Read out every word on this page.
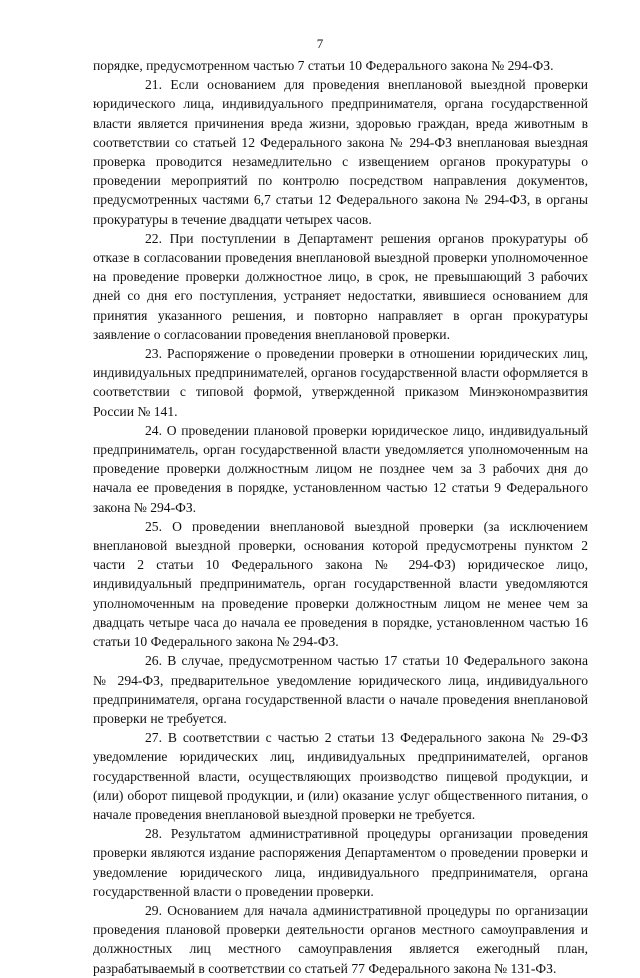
7

порядке, предусмотренном частью 7 статьи 10 Федерального закона № 294-ФЗ.

21. Если основанием для проведения внеплановой выездной проверки юридического лица, индивидуального предпринимателя, органа государственной власти является причинения вреда жизни, здоровью граждан, вреда животным в соответствии со статьей 12 Федерального закона № 294-ФЗ внеплановая выездная проверка проводится незамедлительно с извещением органов прокуратуры о проведении мероприятий по контролю посредством направления документов, предусмотренных частями 6,7 статьи 12 Федерального закона № 294-ФЗ, в органы прокуратуры в течение двадцати четырех часов.

22. При поступлении в Департамент решения органов прокуратуры об отказе в согласовании проведения внеплановой выездной проверки уполномоченное на проведение проверки должностное лицо, в срок, не превышающий 3 рабочих дней со дня его поступления, устраняет недостатки, явившиеся основанием для принятия указанного решения, и повторно направляет в орган прокуратуры заявление о согласовании проведения внеплановой проверки.

23. Распоряжение о проведении проверки в отношении юридических лиц, индивидуальных предпринимателей, органов государственной власти оформляется в соответствии с типовой формой, утвержденной приказом Минэкономразвития России № 141.

24. О проведении плановой проверки юридическое лицо, индивидуальный предприниматель, орган государственной власти уведомляется уполномоченным на проведение проверки должностным лицом не позднее чем за 3 рабочих дня до начала ее проведения в порядке, установленном частью 12 статьи 9 Федерального закона № 294-ФЗ.

25. О проведении внеплановой выездной проверки (за исключением внеплановой выездной проверки, основания которой предусмотрены пунктом 2 части 2 статьи 10 Федерального закона № 294-ФЗ) юридическое лицо, индивидуальный предприниматель, орган государственной власти уведомляются уполномоченным на проведение проверки должностным лицом не менее чем за двадцать четыре часа до начала ее проведения в порядке, установленном частью 16 статьи 10 Федерального закона № 294-ФЗ.

26. В случае, предусмотренном частью 17 статьи 10 Федерального закона № 294-ФЗ, предварительное уведомление юридического лица, индивидуального предпринимателя, органа государственной власти о начале проведения внеплановой проверки не требуется.

27. В соответствии с частью 2 статьи 13 Федерального закона № 29-ФЗ уведомление юридических лиц, индивидуальных предпринимателей, органов государственной власти, осуществляющих производство пищевой продукции, и (или) оборот пищевой продукции, и (или) оказание услуг общественного питания, о начале проведения внеплановой выездной проверки не требуется.

28. Результатом административной процедуры организации проведения проверки являются издание распоряжения Департаментом о проведении проверки и уведомление юридического лица, индивидуального предпринимателя, органа государственной власти о проведении проверки.

29. Основанием для начала административной процедуры по организации проведения плановой проверки деятельности органов местного самоуправления и должностных лиц местного самоуправления является ежегодный план, разрабатываемый в соответствии со статьей 77 Федерального закона № 131-ФЗ.
